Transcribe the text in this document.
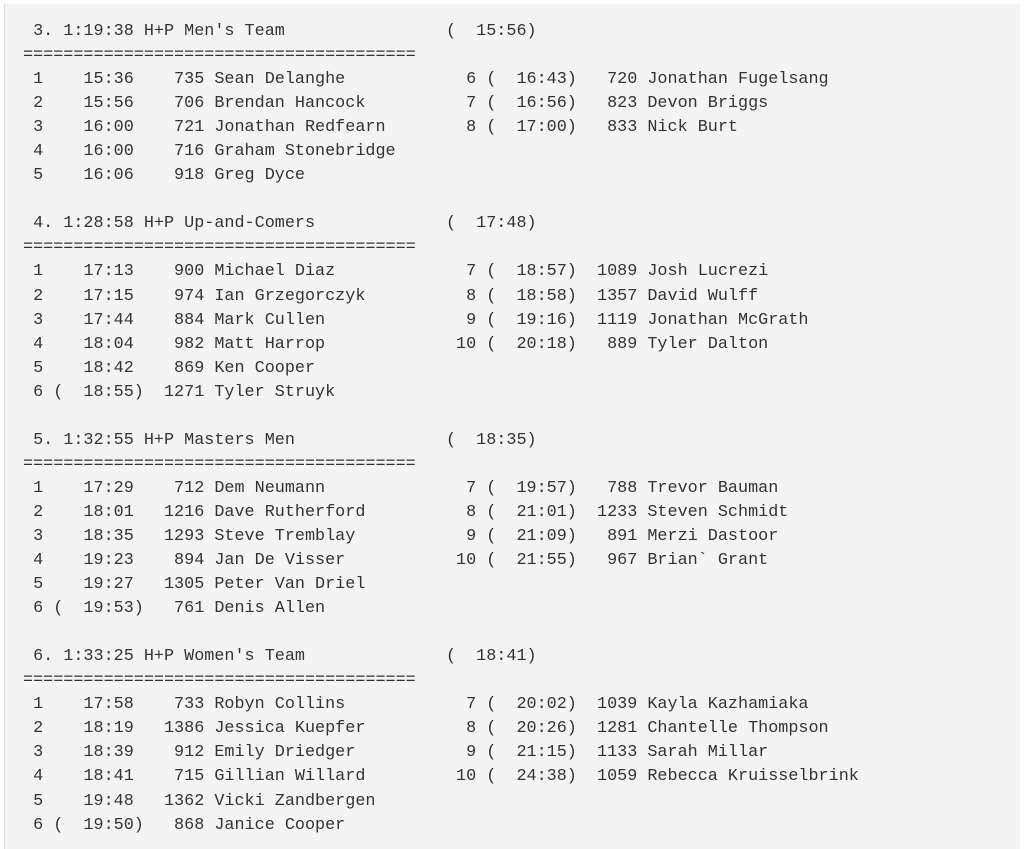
3. 1:19:38 H+P Men's Team                (  15:56)
=======================================
1    15:36    735 Sean Delanghe            6 (  16:43)   720 Jonathan Fugelsang
2    15:56    706 Brendan Hancock          7 (  16:56)   823 Devon Briggs
3    16:00    721 Jonathan Redfearn        8 (  17:00)   833 Nick Burt
4    16:00    716 Graham Stonebridge
5    16:06    918 Greg Dyce
4. 1:28:58 H+P Up-and-Comers             (  17:48)
=======================================
1    17:13    900 Michael Diaz             7 (  18:57)  1089 Josh Lucrezi
2    17:15    974 Ian Grzegorczyk          8 (  18:58)  1357 David Wulff
3    17:44    884 Mark Cullen              9 (  19:16)  1119 Jonathan McGrath
4    18:04    982 Matt Harrop             10 (  20:18)   889 Tyler Dalton
5    18:42    869 Ken Cooper
6 (  18:55)  1271 Tyler Struyk
5. 1:32:55 H+P Masters Men               (  18:35)
=======================================
1    17:29    712 Dem Neumann              7 (  19:57)   788 Trevor Bauman
2    18:01   1216 Dave Rutherford          8 (  21:01)  1233 Steven Schmidt
3    18:35   1293 Steve Tremblay           9 (  21:09)   891 Merzi Dastoor
4    19:23    894 Jan De Visser           10 (  21:55)   967 Brian` Grant
5    19:27   1305 Peter Van Driel
6 (  19:53)   761 Denis Allen
6. 1:33:25 H+P Women's Team              (  18:41)
=======================================
1    17:58    733 Robyn Collins            7 (  20:02)  1039 Kayla Kazhamiaka
2    18:19   1386 Jessica Kuepfer          8 (  20:26)  1281 Chantelle Thompson
3    18:39    912 Emily Driedger           9 (  21:15)  1133 Sarah Millar
4    18:41    715 Gillian Willard         10 (  24:38)  1059 Rebecca Kruisselbrink
5    19:48   1362 Vicki Zandbergen
6 (  19:50)   868 Janice Cooper
